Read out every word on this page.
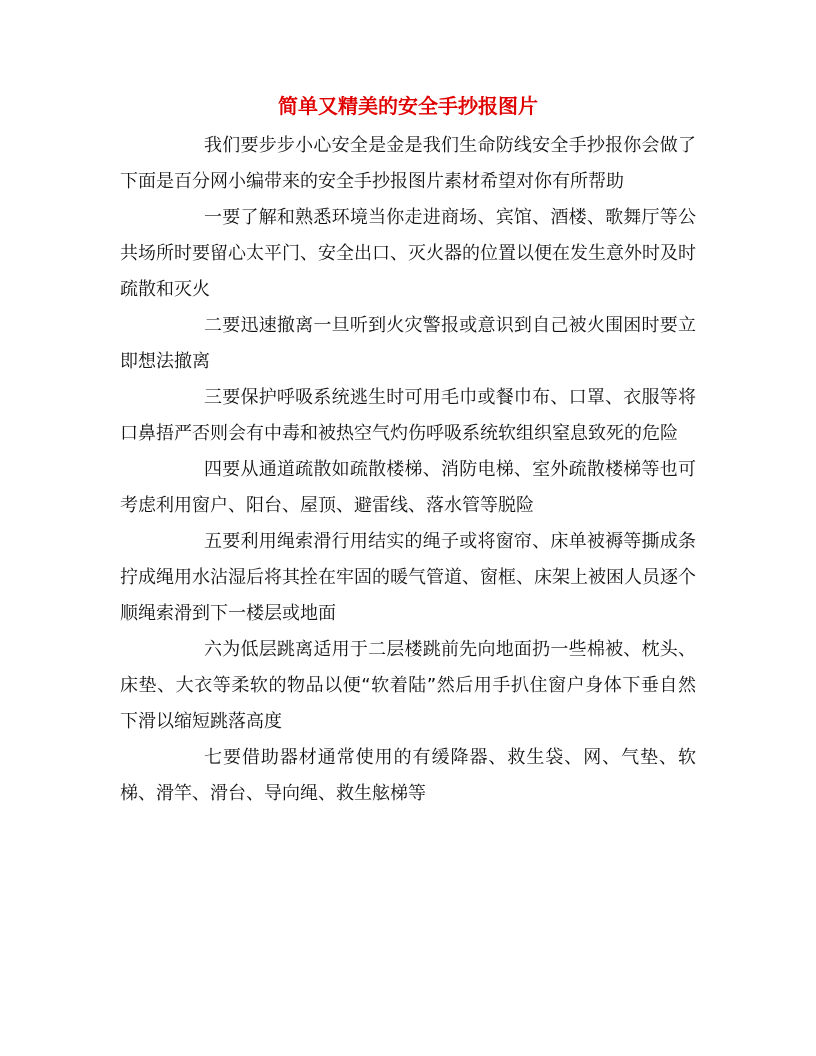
简单又精美的安全手抄报图片

我们要步步小心安全是金是我们生命防线安全手抄报你会做了下面是百分网小编带来的安全手抄报图片素材希望对你有所帮助

一要了解和熟悉环境当你走进商场、宾馆、酒楼、歌舞厅等公共场所时要留心太平门、安全出口、灭火器的位置以便在发生意外时及时疏散和灭火

二要迅速撤离一旦听到火灾警报或意识到自己被火围困时要立即想法撤离

三要保护呼吸系统逃生时可用毛巾或餐巾布、口罩、衣服等将口鼻捂严否则会有中毒和被热空气灼伤呼吸系统软组织窒息致死的危险

四要从通道疏散如疏散楼梯、消防电梯、室外疏散楼梯等也可考虑利用窗户、阳台、屋顶、避雷线、落水管等脱险

五要利用绳索滑行用结实的绳子或将窗帘、床单被褥等撕成条拧成绳用水沾湿后将其拴在牢固的暖气管道、窗框、床架上被困人员逐个顺绳索滑到下一楼层或地面

六为低层跳离适用于二层楼跳前先向地面扔一些棉被、枕头、床垫、大衣等柔软的物品以便“软着陆”然后用手扒住窗户身体下垂自然下滑以缩短跳落高度

七要借助器材通常使用的有缓降器、救生袋、网、气垫、软梯、滑竿、滑台、导向绳、救生舷梯等
